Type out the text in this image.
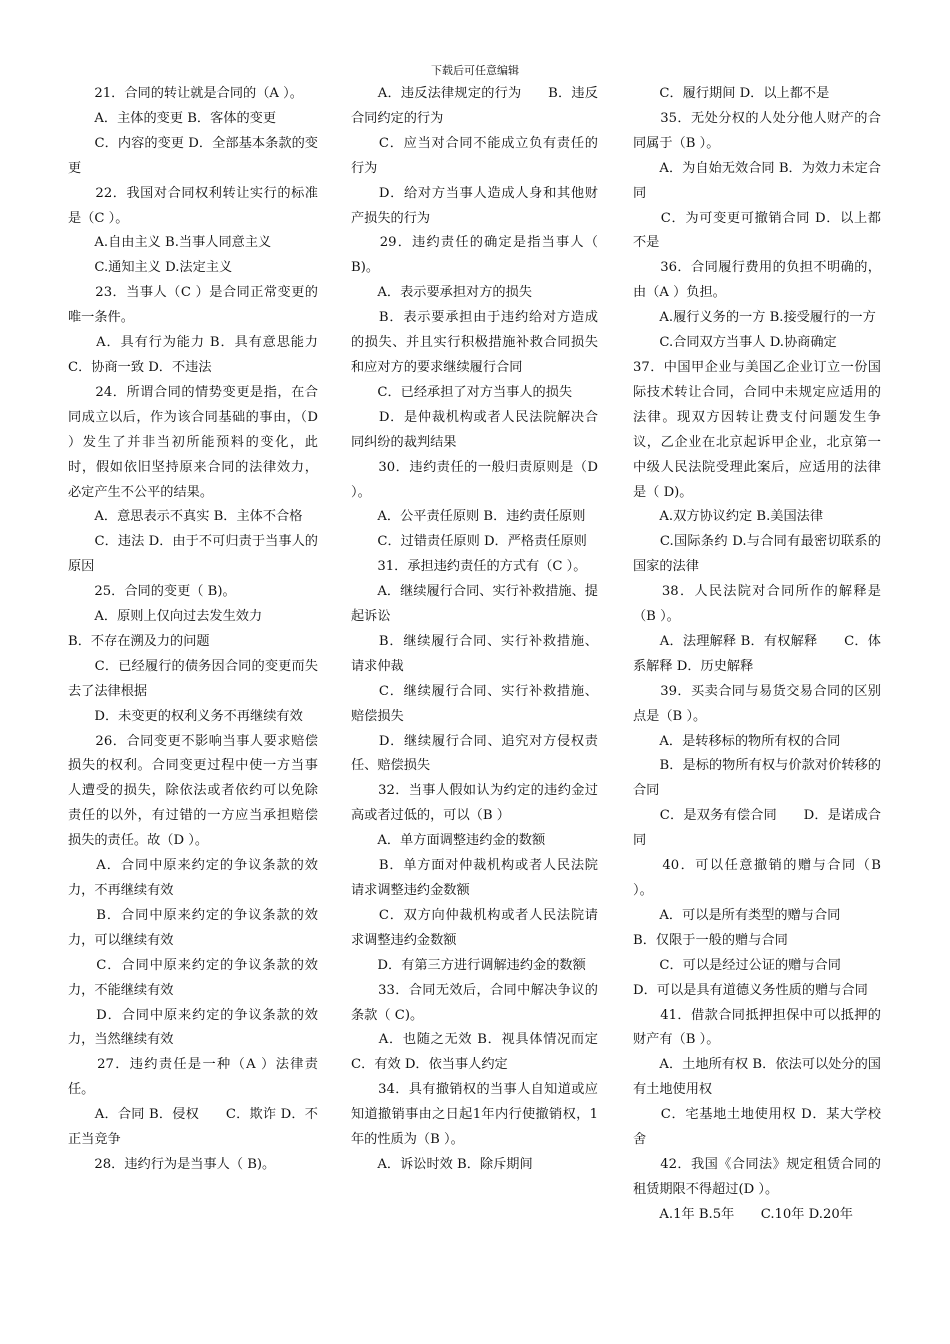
下载后可任意编辑

　　21．合同的转让就是合同的（A ）。

　　A．主体的变更 B．客体的变更

　　C．内容的变更 D．全部基本条款的变更

　　22．我国对合同权利转让实行的标准是（C ）。

　　A.自由主义 B.当事人同意主义

　　C.通知主义 D.法定主义

　　23．当事人（C ）是合同正常变更的唯一条件。

　　A．具有行为能力 B．具有意思能力　　C．协商一致 D．不违法

　　24．所谓合同的情势变更是指，在合同成立以后，作为该合同基础的事由，（D ）发生了并非当初所能预料的变化，此时，假如依旧坚持原来合同的法律效力，必定产生不公平的结果。

　　A．意思表示不真实 B．主体不合格

　　C．违法 D．由于不可归责于当事人的原因

　　25．合同的变更（ B)。

　　A．原则上仅向过去发生效力

B．不存在溯及力的问题

　　C．已经履行的债务因合同的变更而失去了法律根据

　　D．未变更的权利义务不再继续有效

　　26．合同变更不影响当事人要求赔偿损失的权利。合同变更过程中使一方当事人遭受的损失，除依法或者依约可以免除责任的以外，有过错的一方应当承担赔偿损失的责任。故（D ）。

　　A．合同中原来约定的争议条款的效力，不再继续有效

　　B．合同中原来约定的争议条款的效力，可以继续有效

　　C．合同中原来约定的争议条款的效力，不能继续有效

　　D．合同中原来约定的争议条款的效力，当然继续有效

　　27．违约责任是一种（A ）法律责任。

　　A．合同 B．侵权　　C．欺诈 D．不正当竞争

　　28．违约行为是当事人（ B)。

　　A．违反法律规定的行为　　B．违反合同约定的行为

　　C．应当对合同不能成立负有责任的行为

　　D．给对方当事人造成人身和其他财产损失的行为

　　29．违约责任的确定是指当事人（ B)。

　　A．表示要承担对方的损失

　　B．表示要承担由于违约给对方造成的损失、并且实行积极措施补救合同损失和应对方的要求继续履行合同

　　C．已经承担了对方当事人的损失

　　D．是仲裁机构或者人民法院解决合同纠纷的裁判结果

　　30．违约责任的一般归责原则是（D ）。

　　A．公平责任原则 B．违约责任原则

　　C．过错责任原则 D．严格责任原则

　　31．承担违约责任的方式有（C ）。

　　A．继续履行合同、实行补救措施、提起诉讼

　　B．继续履行合同、实行补救措施、请求仲裁

　　C．继续履行合同、实行补救措施、赔偿损失

　　D．继续履行合同、追究对方侵权责任、赔偿损失

　　32．当事人假如认为约定的违约金过高或者过低的，可以（B ）

　　A．单方面调整违约金的数额

　　B．单方面对仲裁机构或者人民法院请求调整违约金数额

　　C．双方向仲裁机构或者人民法院请求调整违约金数额

　　D．有第三方进行调解违约金的数额

　　33．合同无效后，合同中解决争议的条款（ C)。

　　A．也随之无效 B．视具体情况而定　　C．有效 D．依当事人约定

　　34．具有撤销权的当事人自知道或应知道撤销事由之日起1年内行使撤销权，1年的性质为（B ）。

　　A．诉讼时效 B．除斥期间

　　C．履行期间 D．以上都不是

　　35．无处分权的人处分他人财产的合同属于（B ）。

　　A．为自始无效合同 B．为效力未定合同

　　C．为可变更可撤销合同 D．以上都不是

　　36．合同履行费用的负担不明确的，由（A ）负担。

　　A.履行义务的一方 B.接受履行的一方

　　C.合同双方当事人 D.协商确定

37．中国甲企业与美国乙企业订立一份国际技术转让合同，合同中未规定应适用的法律。现双方因转让费支付问题发生争议，乙企业在北京起诉甲企业，北京第一中级人民法院受理此案后，应适用的法律是（ D)。

　　A.双方协议约定 B.美国法律

　　C.国际条约 D.与合同有最密切联系的国家的法律

　　38．人民法院对合同所作的解释是（B ）。

　　A．法理解释 B．有权解释　　C．体系解释 D．历史解释

　　39．买卖合同与易货交易合同的区别点是（B ）。

　　A．是转移标的物所有权的合同

　　B．是标的物所有权与价款对价转移的合同

　　C．是双务有偿合同　　D．是诺成合同

　　40．可以任意撤销的赠与合同（B ）。

　　A．可以是所有类型的赠与合同

B．仅限于一般的赠与合同

　　C．可以是经过公证的赠与合同

D．可以是具有道德义务性质的赠与合同

　　41．借款合同抵押担保中可以抵押的财产有（B ）。

　　A．土地所有权 B．依法可以处分的国有土地使用权

　　C．宅基地土地使用权 D．某大学校舍

　　42．我国《合同法》规定租赁合同的租赁期限不得超过(D ）。

　　A.1年 B.5年　　C.10年 D.20年
